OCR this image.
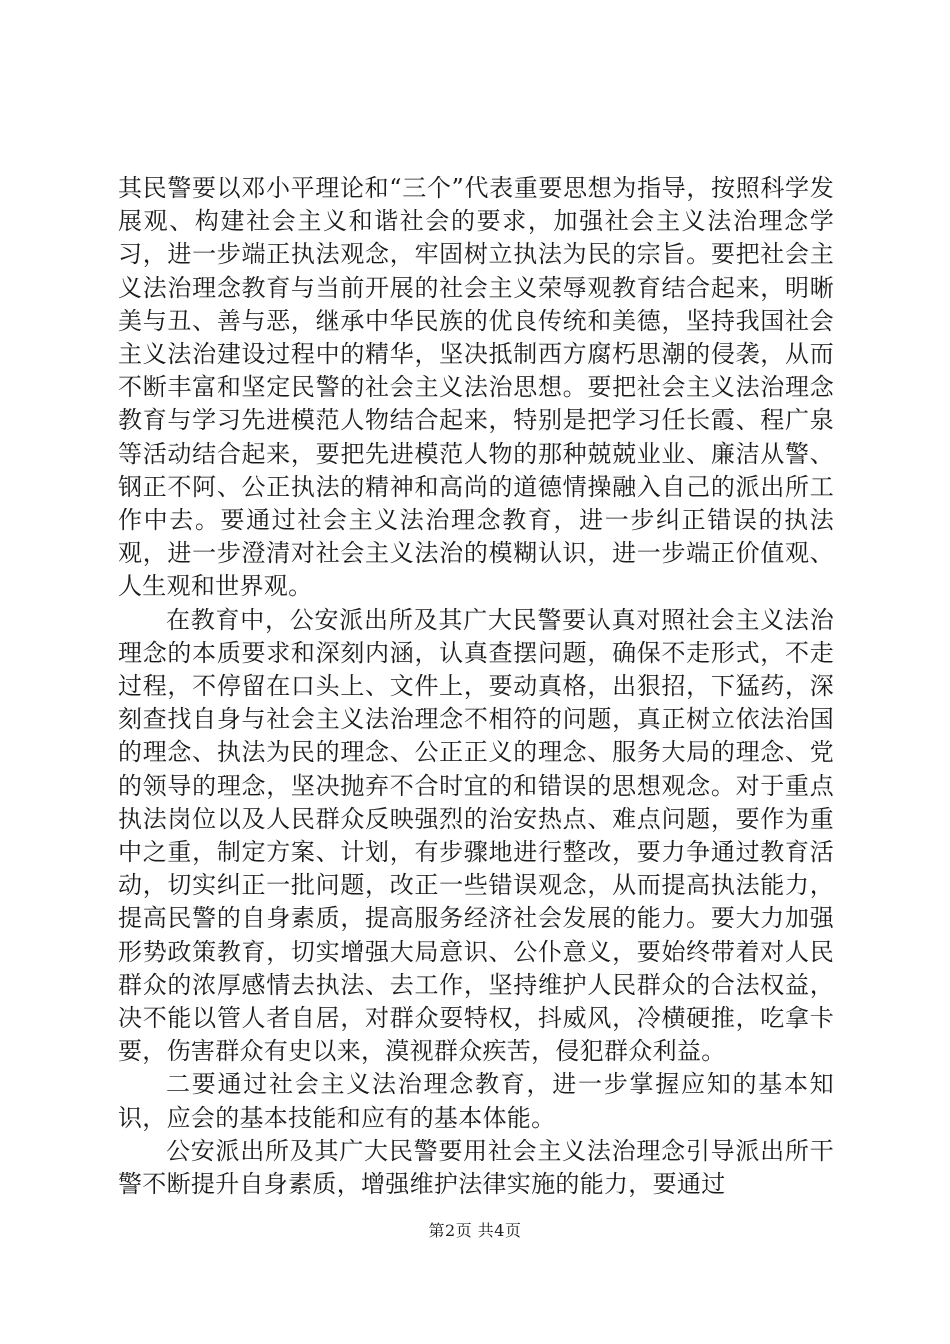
其民警要以邓小平理论和“三个”代表重要思想为指导，按照科学发展观、构建社会主义和谐社会的要求，加强社会主义法治理念学习，进一步端正执法观念，牢固树立执法为民的宗旨。要把社会主义法治理念教育与当前开展的社会主义荣辱观教育结合起来，明晰美与丑、善与恶，继承中华民族的优良传统和美德，坚持我国社会主义法治建设过程中的精华，坚决抵制西方腐朽思潮的侵袭，从而不断丰富和坚定民警的社会主义法治思想。要把社会主义法治理念教育与学习先进模范人物结合起来，特别是把学习任长霞、程广泉等活动结合起来，要把先进模范人物的那种兢兢业业、廉洁从警、钢正不阿、公正执法的精神和高尚的道德情操融入自己的派出所工作中去。要通过社会主义法治理念教育，进一步纠正错误的执法观，进一步澄清对社会主义法治的模糊认识，进一步端正价值观、人生观和世界观。

在教育中，公安派出所及其广大民警要认真对照社会主义法治理念的本质要求和深刻内涵，认真查摆问题，确保不走形式，不走过程，不停留在口头上、文件上，要动真格，出狠招，下猛药，深刻查找自身与社会主义法治理念不相符的问题，真正树立依法治国的理念、执法为民的理念、公正正义的理念、服务大局的理念、党的领导的理念，坚决抛弃不合时宜的和错误的思想观念。对于重点执法岗位以及人民群众反映强烈的治安热点、难点问题，要作为重中之重，制定方案、计划，有步骤地进行整改，要力争通过教育活动，切实纠正一批问题，改正一些错误观念，从而提高执法能力，提高民警的自身素质，提高服务经济社会发展的能力。要大力加强形势政策教育，切实增强大局意识、公仆意义，要始终带着对人民群众的浓厚感情去执法、去工作，坚持维护人民群众的合法权益，决不能以管人者自居，对群众耍特权，抖威风，冷横硬推，吃拿卡要，伤害群众有史以来，漠视群众疾苦，侵犯群众利益。

二要通过社会主义法治理念教育，进一步掌握应知的基本知识，应会的基本技能和应有的基本体能。

公安派出所及其广大民警要用社会主义法治理念引导派出所干警不断提升自身素质，增强维护法律实施的能力，要通过

第2页 共4页
